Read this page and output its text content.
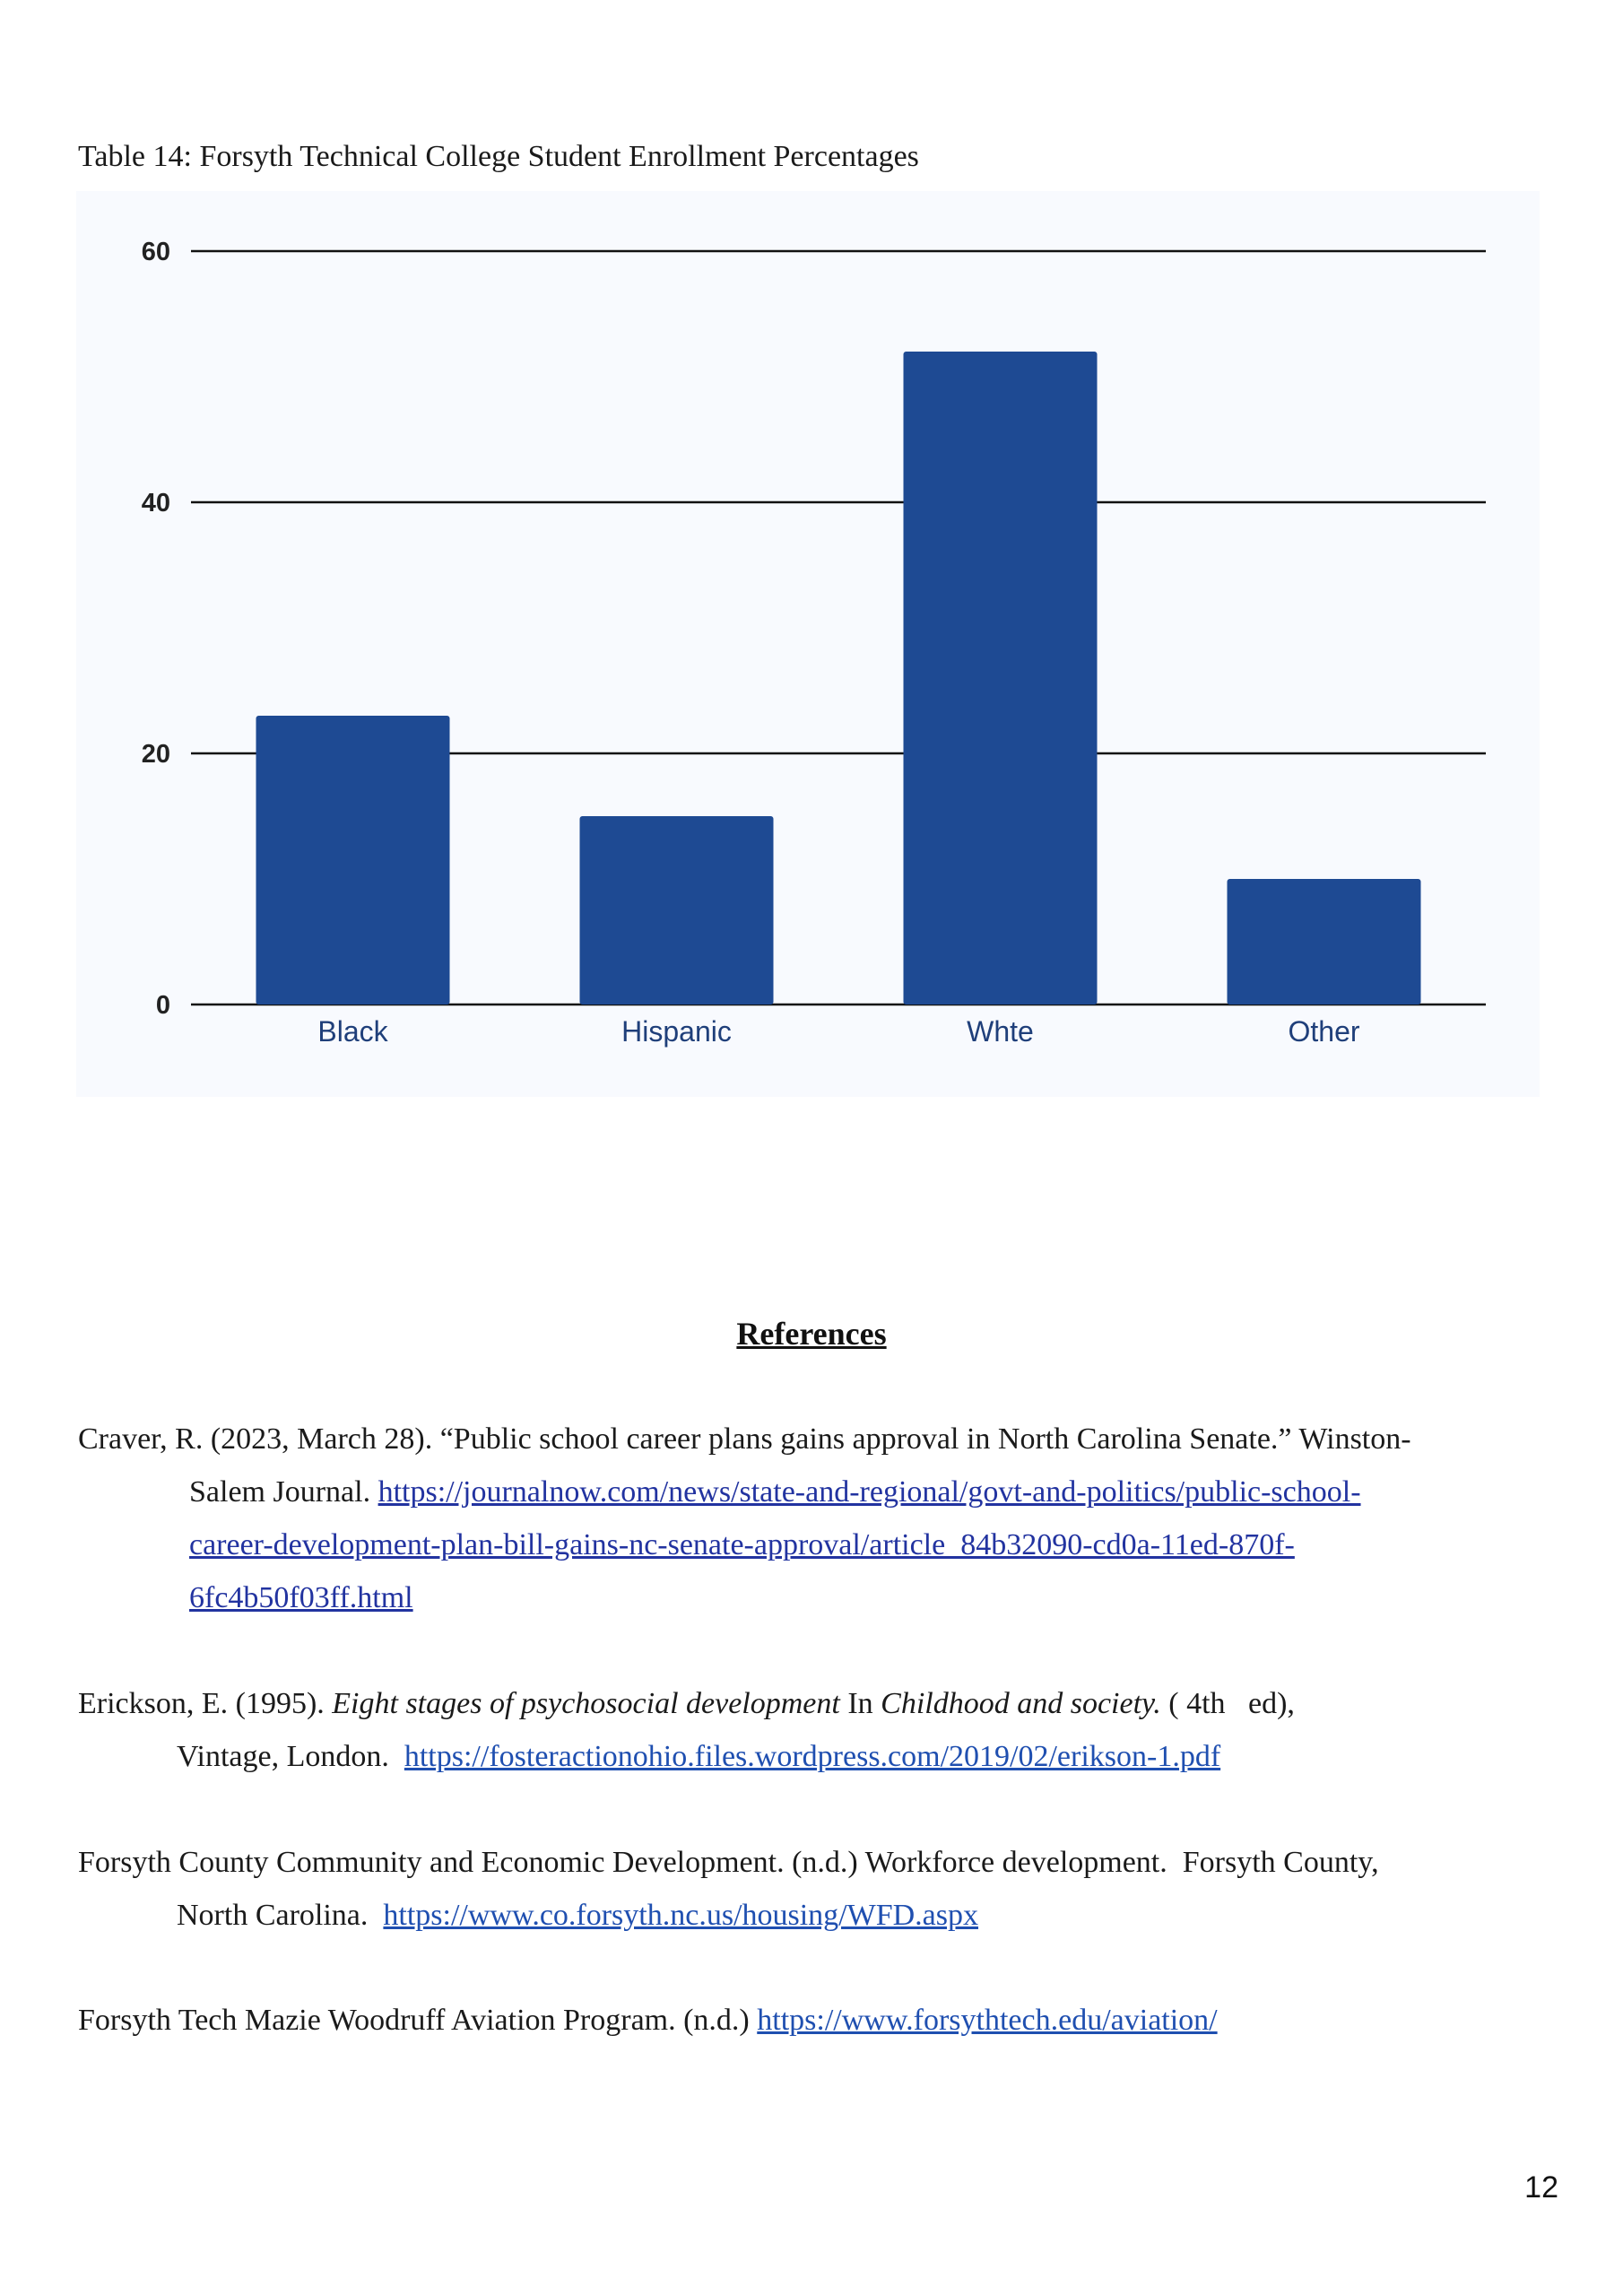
Table 14: Forsyth Technical College Student Enrollment Percentages
0
20
40
60
Black	Hispanic	Whte	Other
References
Craver, R. (2023, March 28). “Public school career plans gains approval in North Carolina Senate.” Winston-
Salem Journal. https://journalnow.com/news/state-and-regional/govt-and-politics/public-school-
career-development-plan-bill-gains-nc-senate-approval/article_84b32090-cd0a-11ed-870f-
6fc4b50f03ff.html
Erickson, E. (1995). Eight stages of psychosocial development In Childhood and society. ( 4th   ed),
Vintage, London.  https://fosteractionohio.files.wordpress.com/2019/02/erikson-1.pdf
Forsyth County Community and Economic Development. (n.d.) Workforce development.  Forsyth County,
North Carolina.  https://www.co.forsyth.nc.us/housing/WFD.aspx
Forsyth Tech Mazie Woodruff Aviation Program. (n.d.) https://www.forsythtech.edu/aviation/
12
